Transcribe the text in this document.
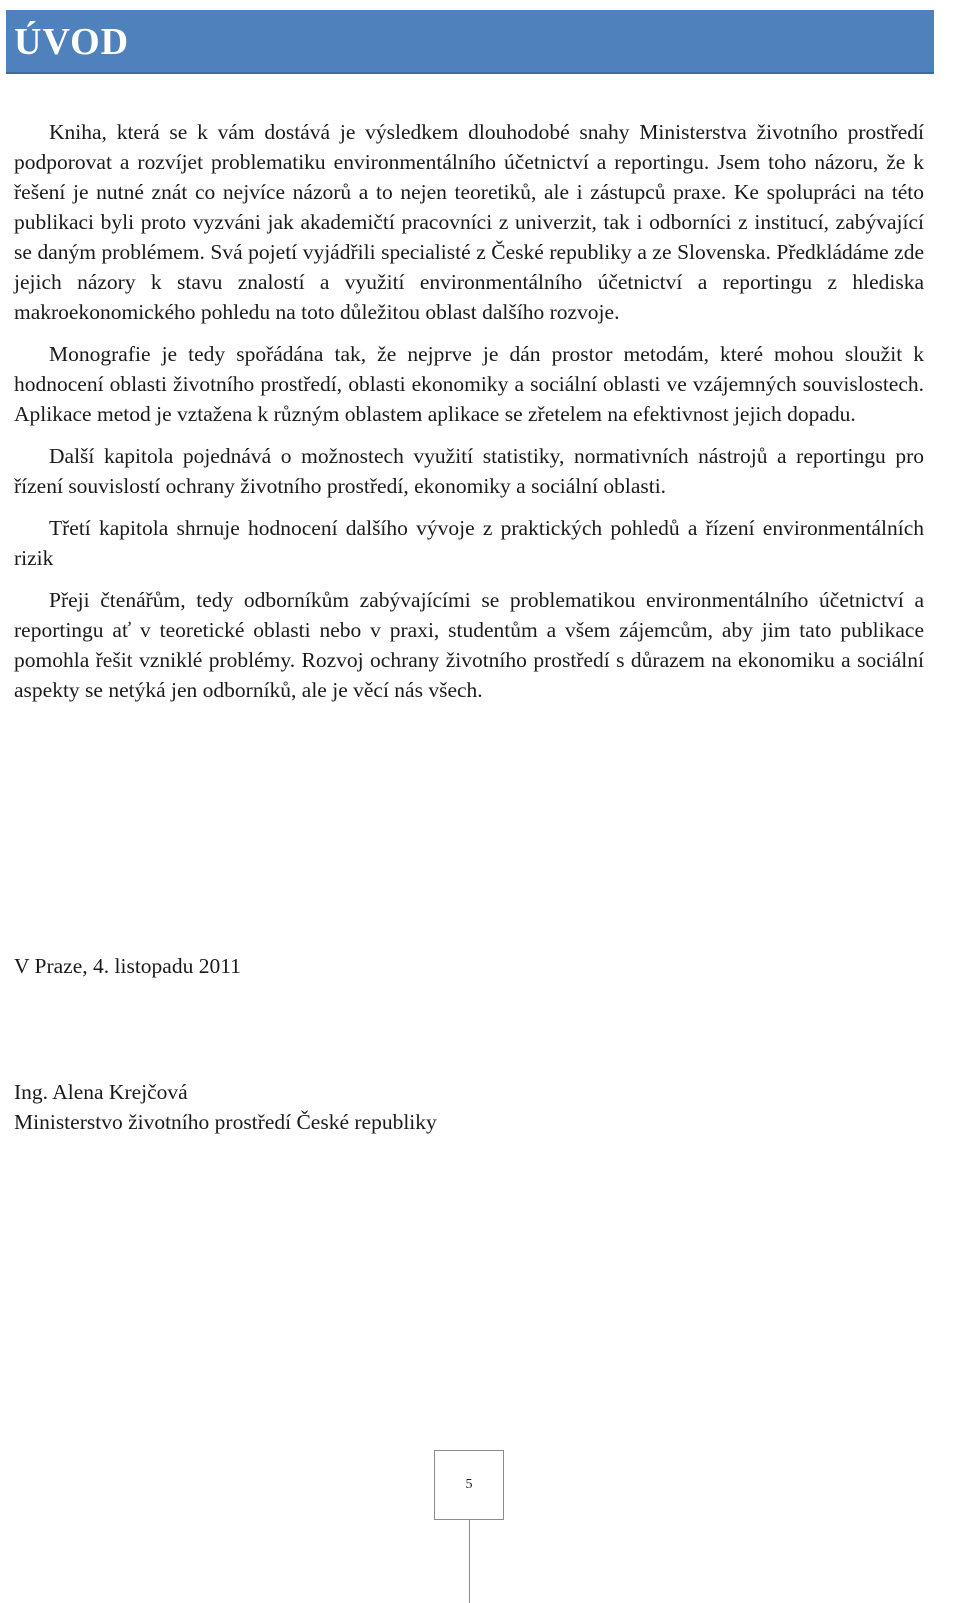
ÚVOD

Kniha, která se k vám dostává je výsledkem dlouhodobé snahy Ministerstva životního prostředí podporovat a rozvíjet problematiku environmentálního účetnictví a reportingu. Jsem toho názoru, že k řešení je nutné znát co nejvíce názorů a to nejen teoretiků, ale i zástupců praxe. Ke spolupráci na této publikaci byli proto vyzváni jak akademičtí pracovníci z univerzit, tak i odborníci z institucí, zabývající se daným problémem. Svá pojetí vyjádřili specialisté z České republiky a ze Slovenska. Předkládáme zde jejich názory k stavu znalostí a využití environmentálního účetnictví a reportingu z hlediska makroekonomického pohledu na toto důležitou oblast dalšího rozvoje.

Monografie je tedy spořádána tak, že nejprve je dán prostor metodám, které mohou sloužit k hodnocení oblasti životního prostředí, oblasti ekonomiky a sociální oblasti ve vzájemných souvislostech. Aplikace metod je vztažena k různým oblastem aplikace se zřetelem na efektivnost jejich dopadu.

Další kapitola pojednává o možnostech využití statistiky, normativních nástrojů a reportingu pro řízení souvislostí ochrany životního prostředí, ekonomiky a sociální oblasti.

Třetí kapitola shrnuje hodnocení dalšího vývoje z praktických pohledů a řízení environmentálních rizik

Přeji čtenářům, tedy odborníkům zabývajícími se problematikou environmentálního účetnictví a reportingu ať v teoretické oblasti nebo v praxi, studentům a všem zájemcům, aby jim tato publikace pomohla řešit vzniklé problémy. Rozvoj ochrany životního prostředí s důrazem na ekonomiku a sociální aspekty se netýká jen odborníků, ale je věcí nás všech.

V Praze, 4. listopadu 2011

Ing. Alena Krejčová
Ministerstvo životního prostředí České republiky
5
